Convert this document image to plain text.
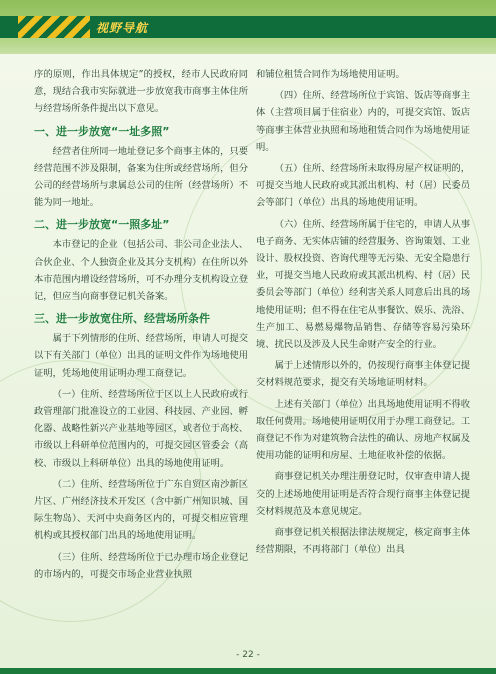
视野导航

序的原则，作出具体规定”的授权，经市人民政府同意，现结合我市实际就进一步放宽我市商事主体住所与经营场所条件提出以下意见。

一、进一步放宽“一址多照”

经营者住所同一地址登记多个商事主体的，只要经营范围不涉及限制，备案为住所或经营场所，但分公司的经营场所与隶属总公司的住所（经营场所）不能为同一地址。

二、进一步放宽“一照多址”

本市登记的企业（包括公司、非公司企业法人、合伙企业、个人独资企业及其分支机构）在住所以外本市范围内增设经营场所，可不办理分支机构设立登记，但应当向商事登记机关备案。

三、进一步放宽住所、经营场所条件

属于下列情形的住所、经营场所，申请人可提交以下有关部门（单位）出具的证明文件作为场地使用证明，凭场地使用证明办理工商登记。

（一）住所、经营场所位于区以上人民政府或行政管理部门批准设立的工业园、科技园、产业园、孵化器、战略性新兴产业基地等园区，或者位于高校、市级以上科研单位范围内的，可提交园区管委会（高校、市级以上科研单位）出具的场地使用证明。

（二）住所、经营场所位于广东自贸区南沙新区片区、广州经济技术开发区（含中新广州知识城、国际生物岛）、天河中央商务区内的，可提交相应管理机构或其授权部门出具的场地使用证明。

（三）住所、经营场所位于已办理市场企业登记的市场内的，可提交市场企业营业执照

和铺位租赁合同作为场地使用证明。

（四）住所、经营场所位于宾馆、饭店等商事主体（主营项目属于住宿业）内的，可提交宾馆、饭店等商事主体营业执照和场地租赁合同作为场地使用证明。

（五）住所、经营场所未取得房屋产权证明的，可提交当地人民政府或其派出机构、村（居）民委员会等部门（单位）出具的场地使用证明。

（六）住所、经营场所属于住宅的，申请人从事电子商务、无实体店铺的经营服务、咨询策划、工业设计、股权投资、咨询代理等无污染、无安全隐患行业，可提交当地人民政府或其派出机构、村（居）民委员会等部门（单位）经利害关系人同意后出具的场地使用证明；但不得在住宅从事餐饮、娱乐、洗浴、生产加工、易燃易爆物品销售、存储等容易污染环境、扰民以及涉及人民生命财产安全的行业。

属于上述情形以外的，仍按现行商事主体登记提交材料规范要求，提交有关场地证明材料。

上述有关部门（单位）出具场地使用证明不得收取任何费用。场地使用证明仅用于办理工商登记。工商登记不作为对建筑物合法性的确认、房地产权属及使用功能的证明和房屋、土地征收补偿的依据。

商事登记机关办理注册登记时，仅审查申请人提交的上述场地使用证明是否符合现行商事主体登记提交材料规范及本意见规定。

商事登记机关根据法律法规规定，核定商事主体经营期限，不再将部门（单位）出具

- 22 -
